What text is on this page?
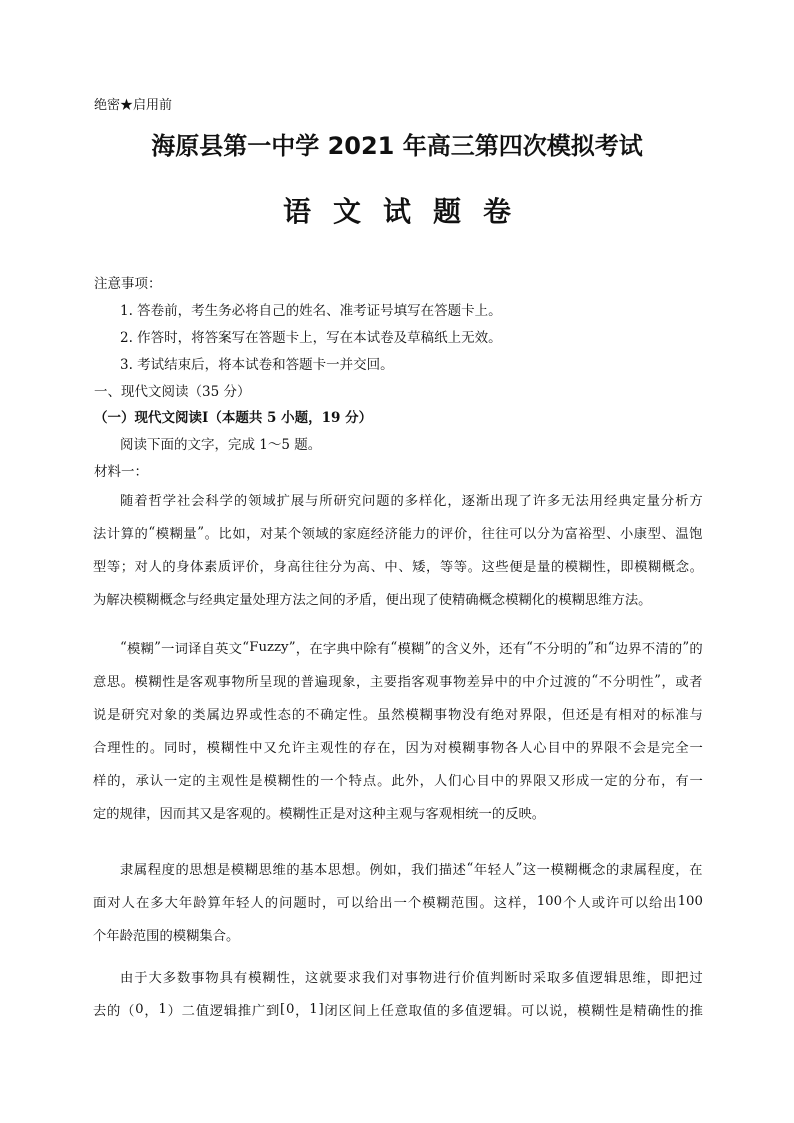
绝密★启用前
海原县第一中学 2021 年高三第四次模拟考试
语文试题卷
注意事项：
1. 答卷前，考生务必将自己的姓名、准考证号填写在答题卡上。
2. 作答时，将答案写在答题卡上，写在本试卷及草稿纸上无效。
3. 考试结束后，将本试卷和答题卡一并交回。
一、现代文阅读（35 分）
（一）现代文阅读Ⅰ（本题共 5 小题，19 分）
阅读下面的文字，完成 1～5 题。
材料一：
随 着 哲 学 社 会 科 学 的 领 域 扩 展 与 所 研 究 问 题 的 多 样 化 ， 逐 渐 出 现 了 许 多 无 法 用 经 典 定 量 分 析 方
法 计 算 的 “ 模 糊 量 ” 。 比 如 ， 对 某 个 领 域 的 家 庭 经 济 能 力 的 评 价 ， 往 往 可 以 分 为 富 裕 型 、 小 康 型 、 温 饱
型 等 ； 对 人 的 身 体 素 质 评 价 ， 身 高 往 往 分 为 高 、 中 、 矮 ， 等 等 。 这 些 便 是 量 的 模 糊 性 ， 即 模 糊 概 念 。
为解决模糊概念与经典定量处理方法之间的矛盾，便出现了使精确概念模糊化的模糊思维方法。
“ 模 糊 ” 一 词 译 自 英 文 “ Fuzzy ” ， 在 字 典 中 除 有 “ 模 糊 ” 的 含 义 外 ， 还 有 “ 不 分 明 的 ” 和 “ 边 界 不 清 的 ” 的
意 思 。 模 糊 性 是 客 观 事 物 所 呈 现 的 普 遍 现 象 ， 主 要 指 客 观 事 物 差 异 中 的 中 介 过 渡 的 “ 不 分 明 性 ” ， 或 者
说 是 研 究 对 象 的 类 属 边 界 或 性 态 的 不 确 定 性 。 虽 然 模 糊 事 物 没 有 绝 对 界 限 ， 但 还 是 有 相 对 的 标 准 与
合 理 性 的 。 同 时 ， 模 糊 性 中 又 允 许 主 观 性 的 存 在 ， 因 为 对 模 糊 事 物 各 人 心 目 中 的 界 限 不 会 是 完 全 一
样 的 ， 承 认 一 定 的 主 观 性 是 模 糊 性 的 一 个 特 点 。 此 外 ， 人 们 心 目 中 的 界 限 又 形 成 一 定 的 分 布 ， 有 一
定的规律，因而其又是客观的。模糊性正是对这种主观与客观相统一的反映。
隶 属 程 度 的 思 想 是 模 糊 思 维 的 基 本 思 想 。 例 如 ， 我 们 描 述 “ 年 轻 人 ” 这 一 模 糊 概 念 的 隶 属 程 度 ， 在
面 对 人 在 多 大 年 龄 算 年 轻 人 的 问 题 时 ， 可 以 给 出 一 个 模 糊 范 围 。 这 样 ， 100 个 人 或 许 可 以 给 出 100
个年龄范围的模糊集合。
由 于 大 多 数 事 物 具 有 模 糊 性 ， 这 就 要 求 我 们 对 事 物 进 行 价 值 判 断 时 采 取 多 值 逻 辑 思 维 ， 即 把 过
去 的 （ 0 ， 1 ） 二 值 逻 辑 推 广 到 [ 0 ， 1 ] 闭 区 间 上 任 意 取 值 的 多 值 逻 辑 。 可 以 说 ， 模 糊 性 是 精 确 性 的 推
